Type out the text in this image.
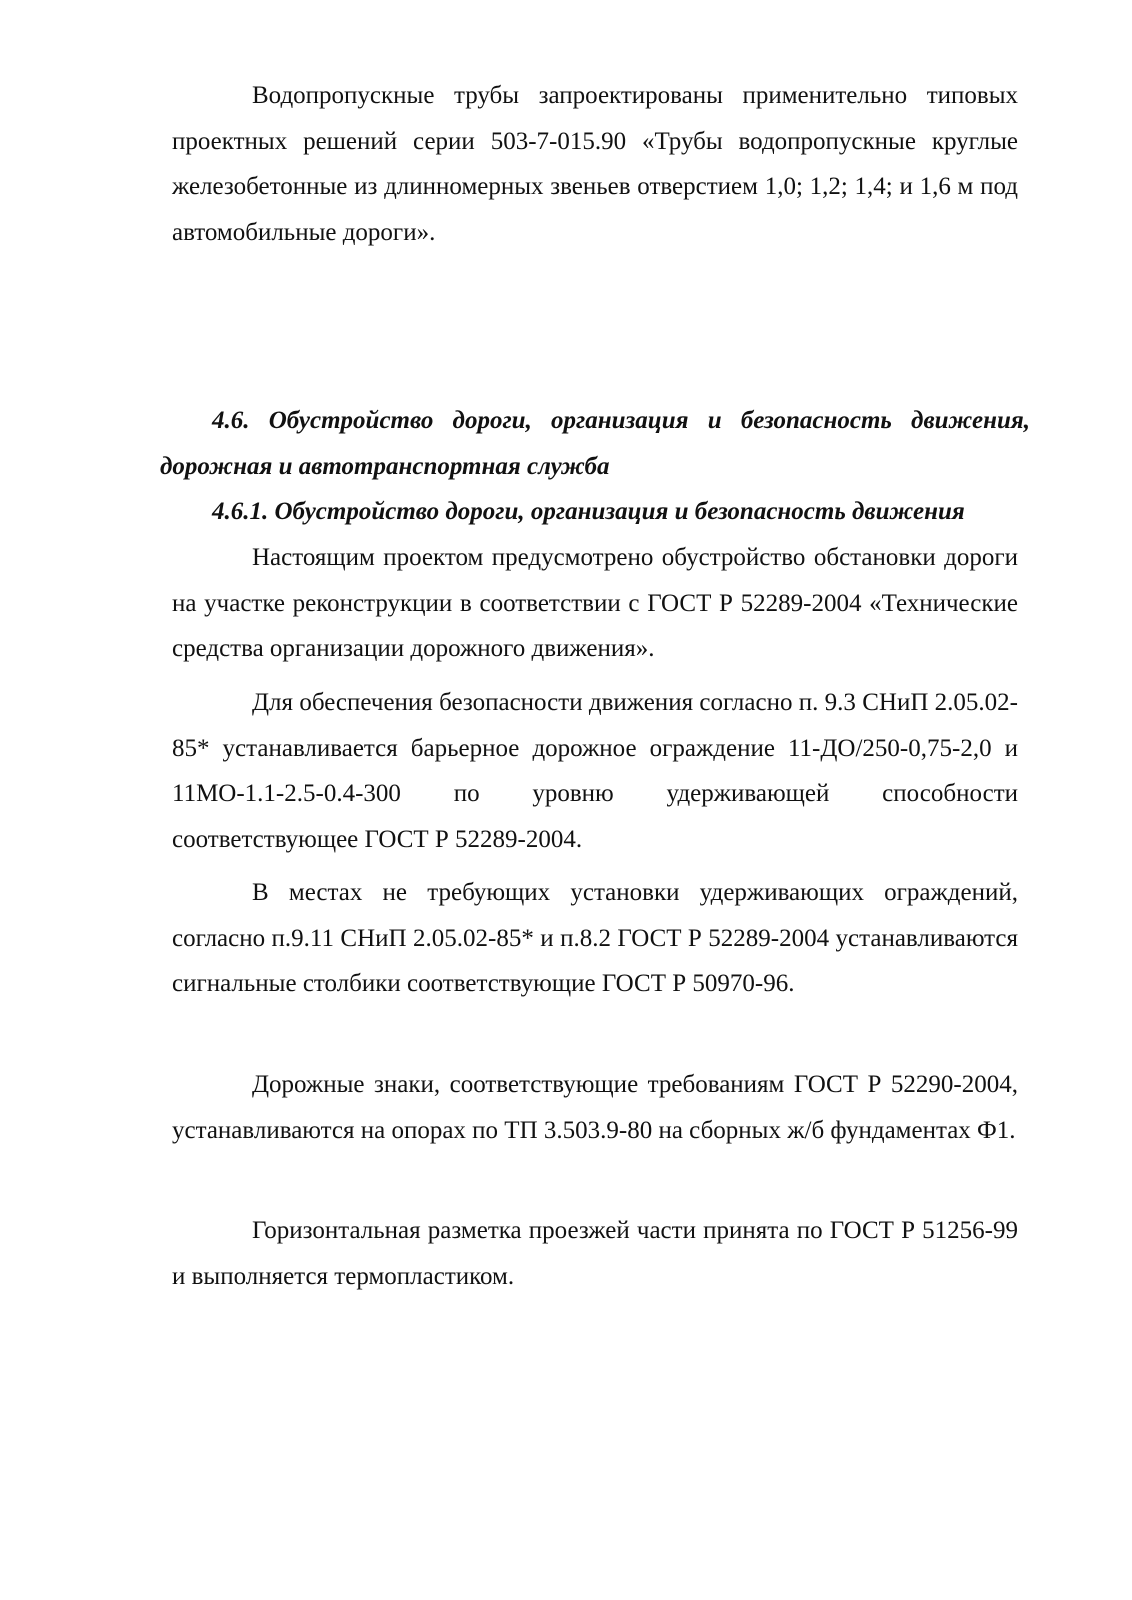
Водопропускные трубы запроектированы применительно типовых проектных решений серии 503-7-015.90 «Трубы водопропускные круглые железобетонные из длинномерных звеньев отверстием 1,0; 1,2; 1,4; и 1,6 м под автомобильные дороги».

4.6. Обустройство дороги, организация и безопасность движения, дорожная и автотранспортная служба

4.6.1. Обустройство дороги, организация и безопасность движения

Настоящим проектом предусмотрено обустройство обстановки дороги на участке реконструкции в соответствии с ГОСТ Р 52289-2004 «Технические средства организации дорожного движения».

Для обеспечения безопасности движения согласно п. 9.3 СНиП 2.05.02-85* устанавливается барьерное дорожное ограждение 11-ДО/250-0,75-2,0 и 11МО-1.1-2.5-0.4-300 по уровню удерживающей способности соответствующее ГОСТ Р 52289-2004.

В местах не требующих установки удерживающих ограждений, согласно п.9.11 СНиП 2.05.02-85* и п.8.2 ГОСТ Р 52289-2004 устанавливаются сигнальные столбики соответствующие ГОСТ Р 50970-96.

Дорожные знаки, соответствующие требованиям ГОСТ Р 52290-2004, устанавливаются на опорах по ТП 3.503.9-80 на сборных ж/б фундаментах Ф1.

Горизонтальная разметка проезжей части принята по ГОСТ Р 51256-99 и выполняется термопластиком.
